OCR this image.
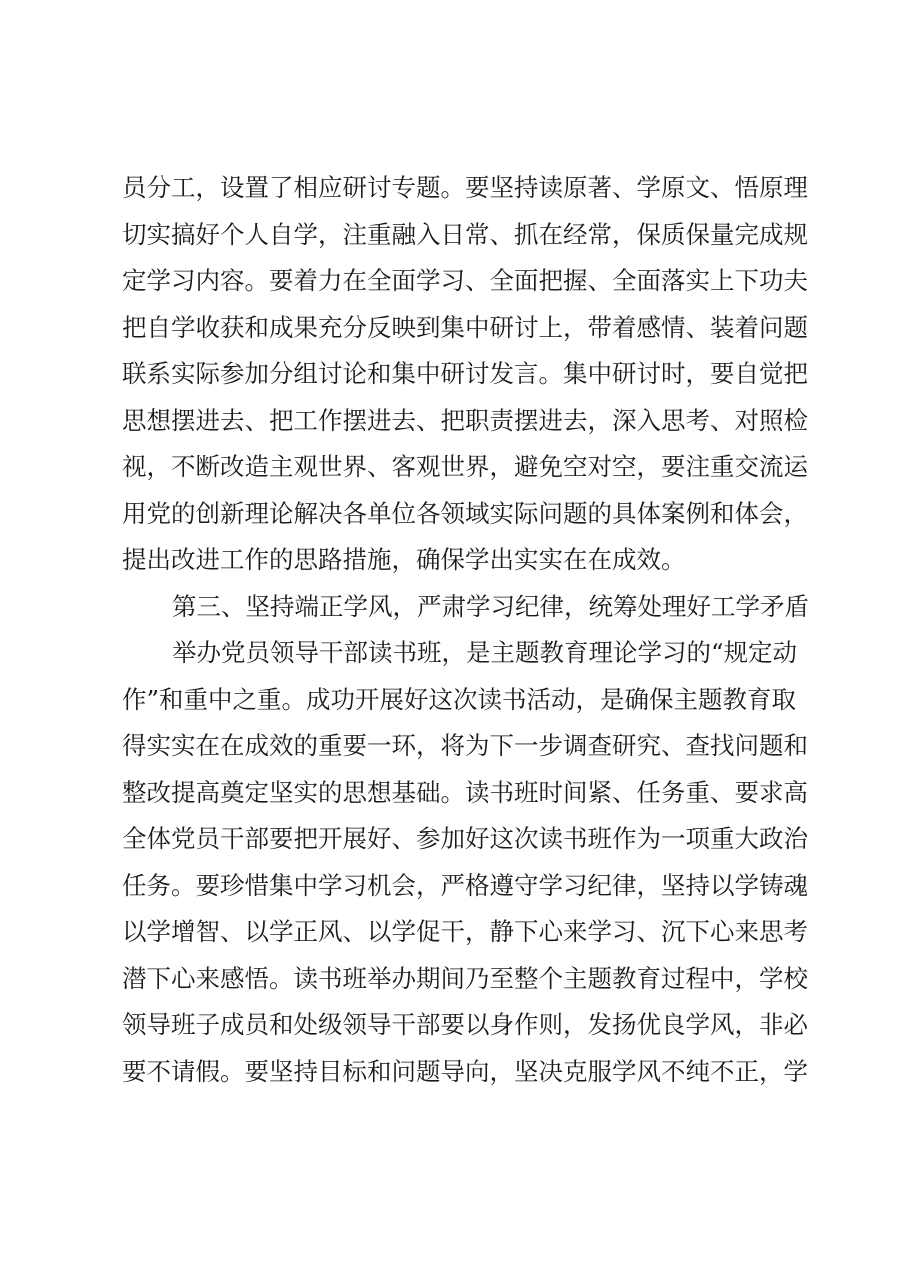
员分工，设置了相应研讨专题。要坚持读原著、学原文、悟原理
切实搞好个人自学，注重融入日常、抓在经常，保质保量完成规
定学习内容。要着力在全面学习、全面把握、全面落实上下功夫
把自学收获和成果充分反映到集中研讨上，带着感情、装着问题
联系实际参加分组讨论和集中研讨发言。集中研讨时，要自觉把
思想摆进去、把工作摆进去、把职责摆进去，深入思考、对照检
视，不断改造主观世界、客观世界，避免空对空，要注重交流运
用党的创新理论解决各单位各领域实际问题的具体案例和体会，
提出改进工作的思路措施，确保学出实实在在成效。
第三、坚持端正学风，严肃学习纪律，统筹处理好工学矛盾
举办党员领导干部读书班，是主题教育理论学习的“规定动
作”和重中之重。成功开展好这次读书活动，是确保主题教育取
得实实在在成效的重要一环，将为下一步调查研究、查找问题和
整改提高奠定坚实的思想基础。读书班时间紧、任务重、要求高
全体党员干部要把开展好、参加好这次读书班作为一项重大政治
任务。要珍惜集中学习机会，严格遵守学习纪律，坚持以学铸魂
以学增智、以学正风、以学促干，静下心来学习、沉下心来思考
潜下心来感悟。读书班举办期间乃至整个主题教育过程中，学校
领导班子成员和处级领导干部要以身作则，发扬优良学风，非必
要不请假。要坚持目标和问题导向，坚决克服学风不纯不正，学
